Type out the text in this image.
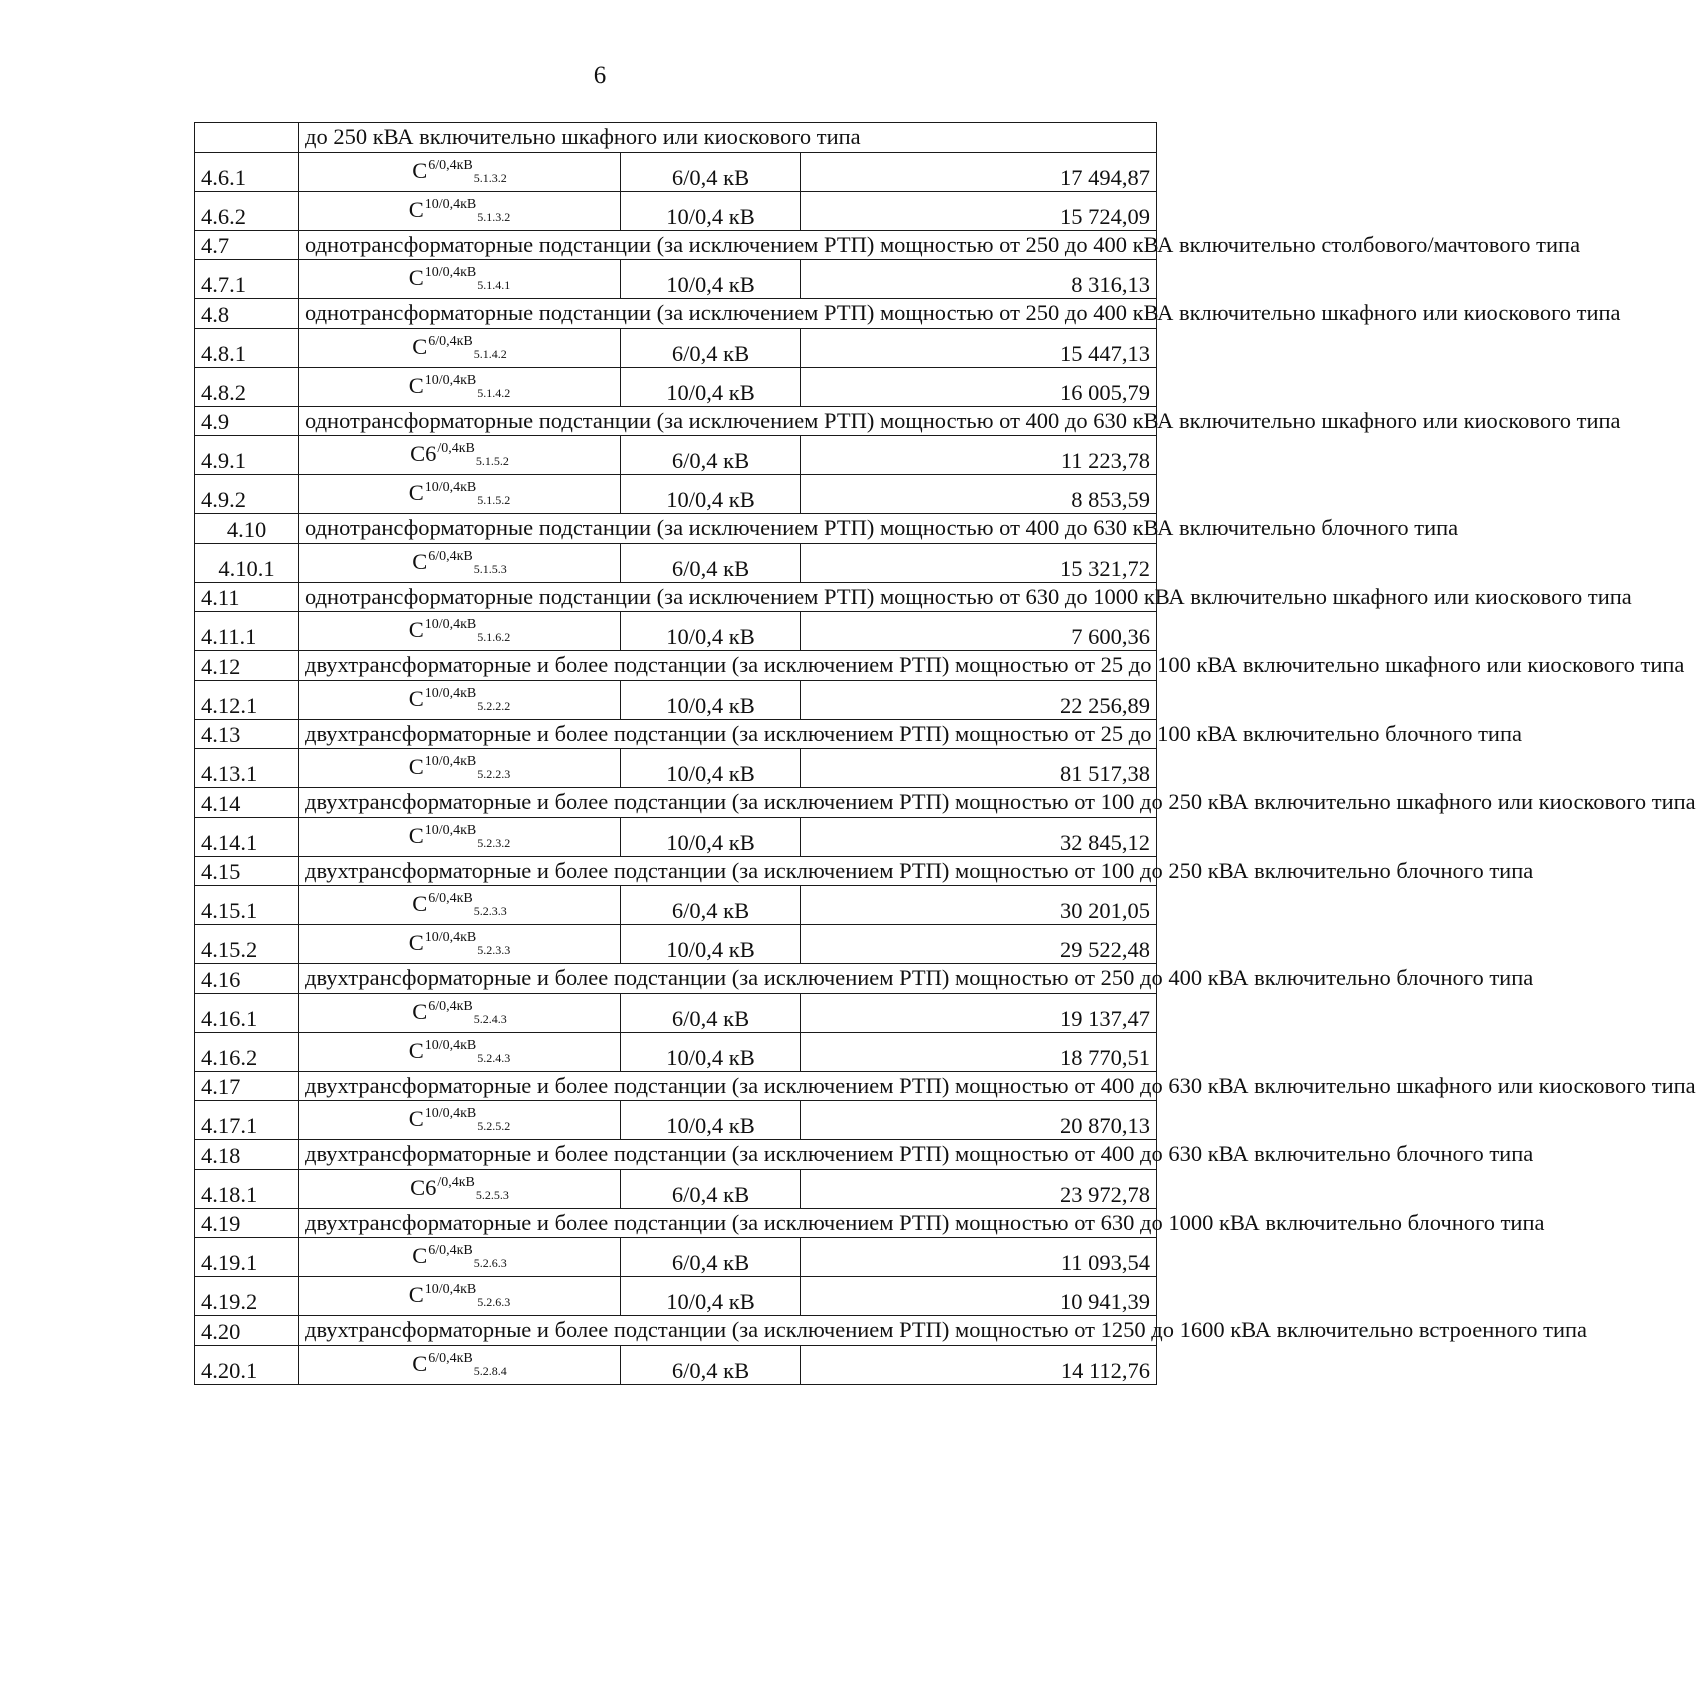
6
	до 250 кВА включительно шкафного или киоскового типа		
4.6.1	$С^{6/0,4кВ}5.1.3.2$	6/0,4 кВ	17 494,87
4.6.2	$С^{10/0,4кВ}5.1.3.2$	10/0,4 кВ	15 724,09
4.7	однотрансформаторные подстанции (за исключением РТП) мощностью от 250 до 400 кВА включительно столбового/мачтового типа		
4.7.1	$С^{10/0,4кВ}5.1.4.1$	10/0,4 кВ	8 316,13
4.8	однотрансформаторные подстанции (за исключением РТП) мощностью от 250 до 400 кВА включительно шкафного или киоскового типа		
4.8.1	$С^{6/0,4кВ}5.1.4.2$	6/0,4 кВ	15 447,13
4.8.2	$С^{10/0,4кВ}5.1.4.2$	10/0,4 кВ	16 005,79
4.9	однотрансформаторные подстанции (за исключением РТП) мощностью от 400 до 630 кВА включительно шкафного или киоскового типа		
4.9.1	$С6^{/0,4кВ}5.1.5.2$	6/0,4 кВ	11 223,78
4.9.2	$С^{10/0,4кВ}5.1.5.2$	10/0,4 кВ	8 853,59
4.10	однотрансформаторные подстанции (за исключением РТП) мощностью от 400 до 630 кВА включительно блочного типа		
4.10.1	$С^{6/0,4кВ}5.1.5.3$	6/0,4 кВ	15 321,72
4.11	однотрансформаторные подстанции (за исключением РТП) мощностью от 630 до 1000 кВА включительно шкафного или киоскового типа		
4.11.1	$С^{10/0,4кВ}5.1.6.2$	10/0,4 кВ	7 600,36
4.12	двухтрансформаторные и более подстанции (за исключением РТП) мощностью от 25 до 100 кВА включительно шкафного или киоскового типа		
4.12.1	$С^{10/0,4кВ}5.2.2.2$	10/0,4 кВ	22 256,89
4.13	двухтрансформаторные и более подстанции (за исключением РТП) мощностью от 25 до 100 кВА включительно блочного типа		
4.13.1	$С^{10/0,4кВ}5.2.2.3$	10/0,4 кВ	81 517,38
4.14	двухтрансформаторные и более подстанции (за исключением РТП) мощностью от 100 до 250 кВА включительно шкафного или киоскового типа		
4.14.1	$С^{10/0,4кВ}5.2.3.2$	10/0,4 кВ	32 845,12
4.15	двухтрансформаторные и более подстанции (за исключением РТП) мощностью от 100 до 250 кВА включительно блочного типа		
4.15.1	$С^{6/0,4кВ}5.2.3.3$	6/0,4 кВ	30 201,05
4.15.2	$С^{10/0,4кВ}5.2.3.3$	10/0,4 кВ	29 522,48
4.16	двухтрансформаторные и более подстанции (за исключением РТП) мощностью от 250 до 400 кВА включительно блочного типа		
4.16.1	$С^{6/0,4кВ}5.2.4.3$	6/0,4 кВ	19 137,47
4.16.2	$С^{10/0,4кВ}5.2.4.3$	10/0,4 кВ	18 770,51
4.17	двухтрансформаторные и более подстанции (за исключением РТП) мощностью от 400 до 630 кВА включительно шкафного или киоскового типа		
4.17.1	$С^{10/0,4кВ}5.2.5.2$	10/0,4 кВ	20 870,13
4.18	двухтрансформаторные и более подстанции (за исключением РТП) мощностью от 400 до 630 кВА включительно блочного типа		
4.18.1	$С6^{/0,4кВ}5.2.5.3$	6/0,4 кВ	23 972,78
4.19	двухтрансформаторные и более подстанции (за исключением РТП) мощностью от 630 до 1000 кВА включительно блочного типа		
4.19.1	$С^{6/0,4кВ}5.2.6.3$	6/0,4 кВ	11 093,54
4.19.2	$С^{10/0,4кВ}5.2.6.3$	10/0,4 кВ	10 941,39
4.20	двухтрансформаторные и более подстанции (за исключением РТП) мощностью от 1250 до 1600 кВА включительно встроенного типа		
4.20.1	$С^{6/0,4кВ}5.2.8.4$	6/0,4 кВ	14 112,76
